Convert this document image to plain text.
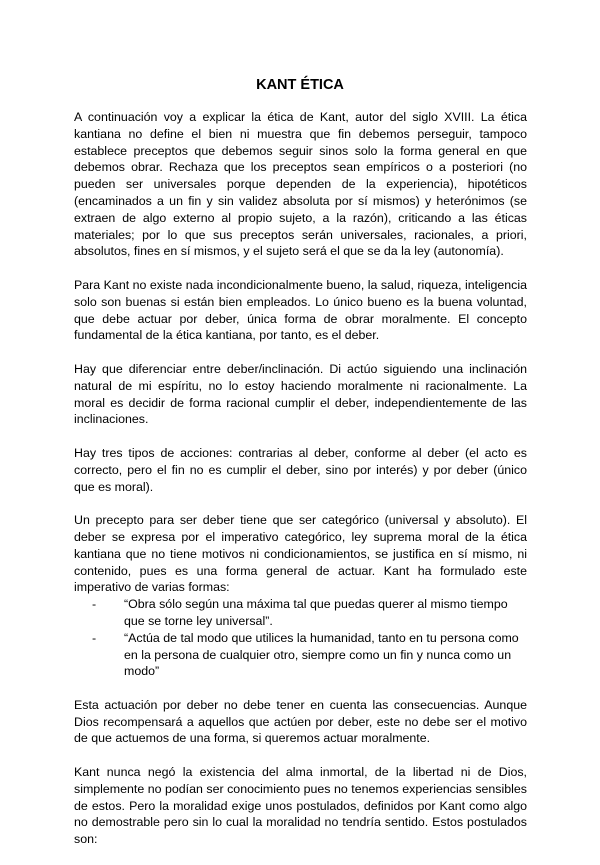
KANT ÉTICA

A continuación voy a explicar la ética de Kant, autor del siglo XVIII. La ética kantiana no define el bien ni muestra que fin debemos perseguir, tampoco establece preceptos que debemos seguir sinos solo la forma general en que debemos obrar. Rechaza que los preceptos sean empíricos o a posteriori (no pueden ser universales porque dependen de la experiencia), hipotéticos (encaminados a un fin y sin validez absoluta por sí mismos) y heterónimos (se extraen de algo externo al propio sujeto, a la razón), criticando a las éticas materiales; por lo que sus preceptos serán universales, racionales, a priori, absolutos, fines en sí mismos, y el sujeto será el que se da la ley (autonomía).

Para Kant no existe nada incondicionalmente bueno, la salud, riqueza, inteligencia solo son buenas si están bien empleados. Lo único bueno es la buena voluntad, que debe actuar por deber, única forma de obrar moralmente. El concepto fundamental de la ética kantiana, por tanto, es el deber.

Hay que diferenciar entre deber/inclinación. Di actúo siguiendo una inclinación natural de mi espíritu, no lo estoy haciendo moralmente ni racionalmente. La moral es decidir de forma racional cumplir el deber, independientemente de las inclinaciones.

Hay tres tipos de acciones: contrarias al deber, conforme al deber (el acto es correcto, pero el fin no es cumplir el deber, sino por interés) y por deber (único que es moral).

Un precepto para ser deber tiene que ser categórico (universal y absoluto). El deber se expresa por el imperativo categórico, ley suprema moral de la ética kantiana que no tiene motivos ni condicionamientos, se justifica en sí mismo, ni contenido, pues es una forma general de actuar. Kant ha formulado este imperativo de varias formas:

- “Obra sólo según una máxima tal que puedas querer al mismo tiempo que se torne ley universal”.
- “Actúa de tal modo que utilices la humanidad, tanto en tu persona como en la persona de cualquier otro, siempre como un fin y nunca como un modo”

Esta actuación por deber no debe tener en cuenta las consecuencias. Aunque Dios recompensará a aquellos que actúen por deber, este no debe ser el motivo de que actuemos de una forma, si queremos actuar moralmente.

Kant nunca negó la existencia del alma inmortal, de la libertad ni de Dios, simplemente no podían ser conocimiento pues no tenemos experiencias sensibles de estos. Pero la moralidad exige unos postulados, definidos por Kant como algo no demostrable pero sin lo cual la moralidad no tendría sentido. Estos postulados son:
